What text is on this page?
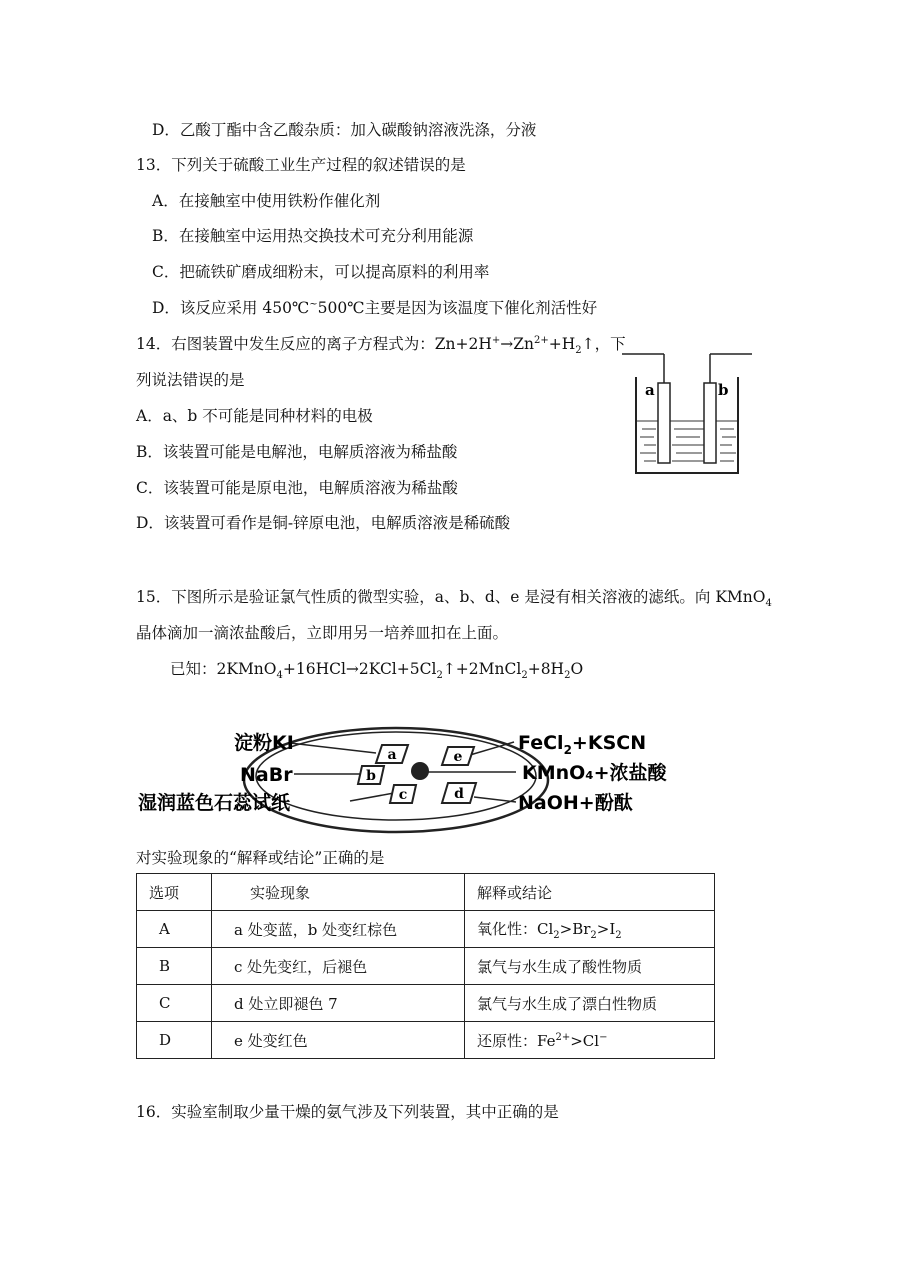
D．乙酸丁酯中含乙酸杂质：加入碳酸钠溶液洗涤，分液
13．下列关于硫酸工业生产过程的叙述错误的是
A．在接触室中使用铁粉作催化剂
B．在接触室中运用热交换技术可充分利用能源
C．把硫铁矿磨成细粉末，可以提高原料的利用率
D．该反应采用 450℃~500℃主要是因为该温度下催化剂活性好
14．右图装置中发生反应的离子方程式为：$Zn+2H^+\to Zn^{2+}+H_2↑$，下
列说法错误的是
A．a、b 不可能是同种材料的电极
B．该装置可能是电解池，电解质溶液为稀盐酸
C．该装置可能是原电池，电解质溶液为稀盐酸
D．该装置可看作是铜-锌原电池，电解质溶液是稀硫酸
a	b
15．下图所示是验证氯气性质的微型实验，a、b、d、e 是浸有相关溶液的滤纸。向 KMnO$_4$
晶体滴加一滴浓盐酸后，立即用另一培养皿扣在上面。
已知：$2KMnO_4+16HCl\to 2KCl+5Cl_2↑+2MnCl_2+8H_2O$
a
b
c	d
e
淀粉KI
NaBr
湿润蓝色石蕊试纸
FeCl$_2$+KSCN
KMnO₄+浓盐酸
NaOH+酚酞
对实验现象的“解释或结论”正确的是
选项	实验现象	解释或结论
A	a 处变蓝，b 处变红棕色	氧化性：$Cl_2>Br_2>I_2$
B	c 处先变红，后褪色	氯气与水生成了酸性物质
C	d 处立即褪色 7	氯气与水生成了漂白性物质
D	e 处变红色	还原性：$Fe^{2+}>Cl^-$
16．实验室制取少量干燥的氨气涉及下列装置，其中正确的是
